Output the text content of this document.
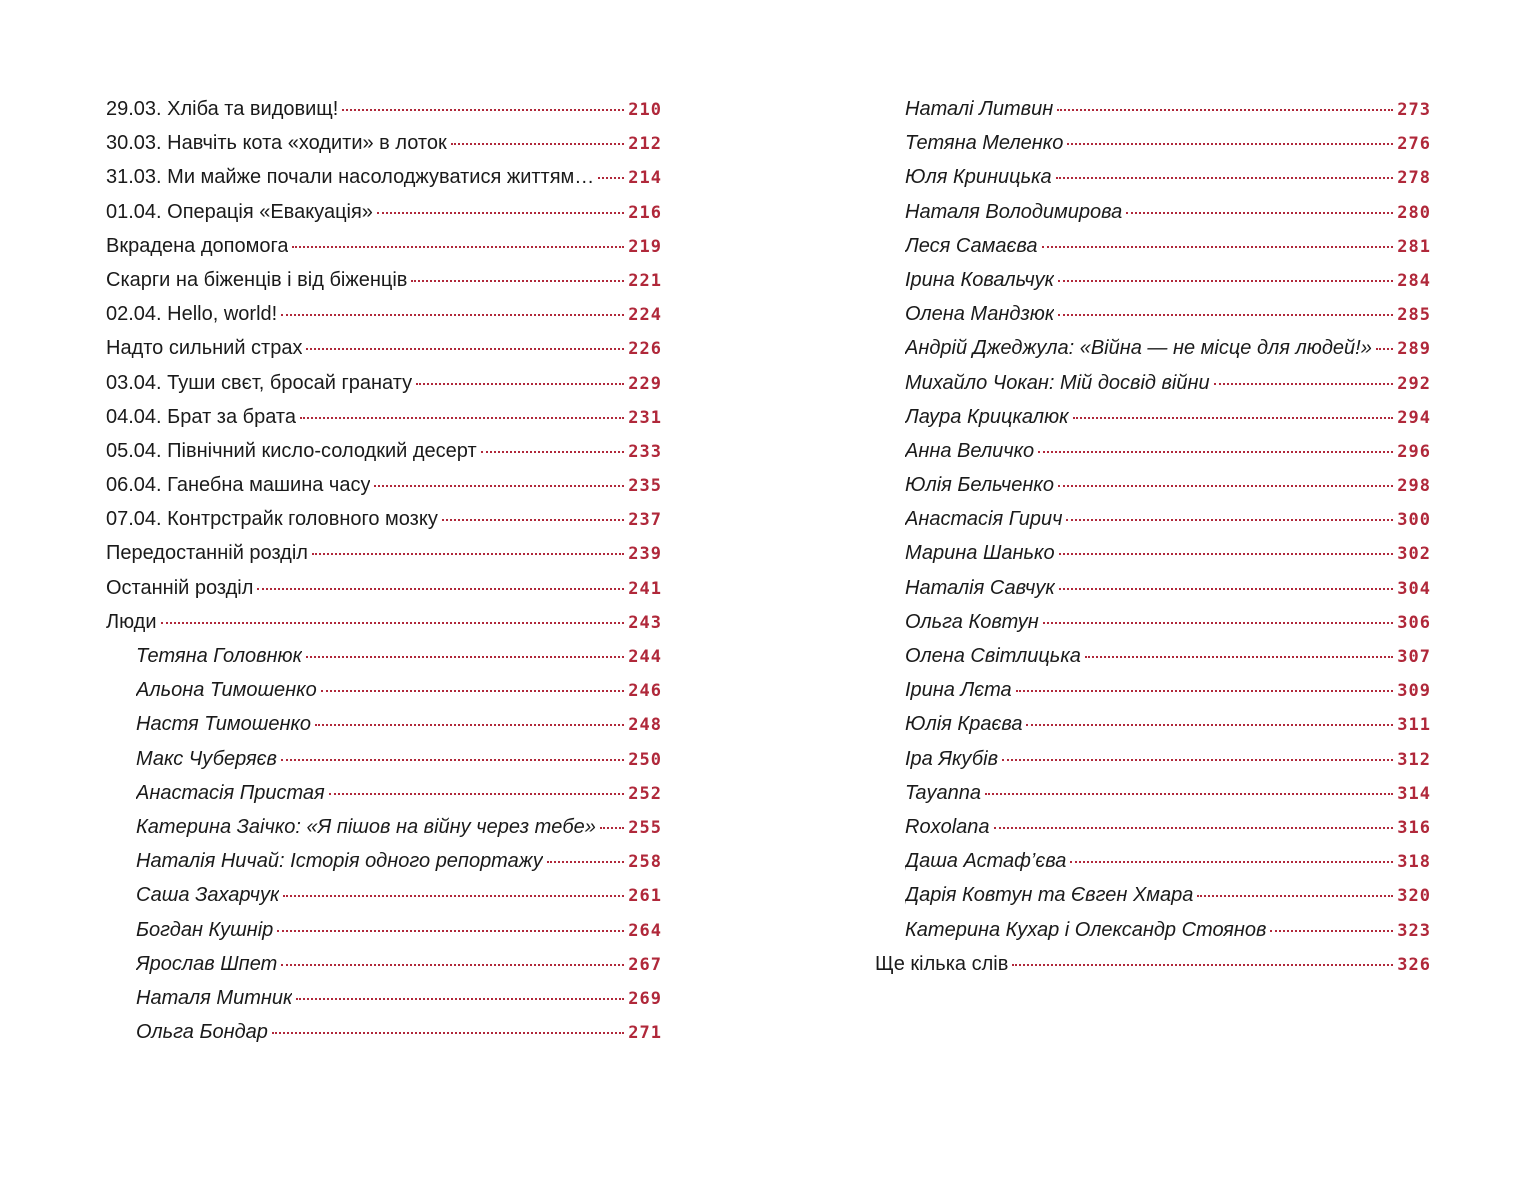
29.03. Хліба та видовищ!	210
30.03. Навчіть кота «ходити» в лоток	212
31.03. Ми майже почали насолоджуватися життям… 214
01.04. Операція «Евакуація»	216
Вкрадена допомога	219
Скарги на біженців і від біженців	221
02.04. Hello, world!	224
Надто сильний страх	226
03.04. Туши свєт, бросай гранату	229
04.04. Брат за брата	231
05.04. Північний кисло-солодкий десерт	233
06.04. Ганебна машина часу	235
07.04. Контрстрайк головного мозку	237
Передостанній розділ	239
Останній розділ	241
Люди	243
Тетяна Головнюк	244
Альона Тимошенко	246
Настя Тимошенко	248
Макс Чуберяєв	250
Анастасія Пристая	252
Катерина Заічко: «Я пішов на війну через тебе» 255
Наталія Ничай: Історія одного репортажу	258
Саша Захарчук	261
Богдан Кушнір	264
Ярослав Шпет	267
Наталя Митник	269
Ольга Бондар	271
Наталі Литвин	273
Тетяна Меленко	276
Юля Криницька	278
Наталя Володимирова	280
Леся Самаєва	281
Ірина Ковальчук	284
Олена Мандзюк	285
Андрій Джеджула: «Війна — не місце для людей!» 289
Михайло Чокан: Мій досвід війни	292
Лаура Крицкалюк	294
Анна Величко	296
Юлія Бельченко	298
Анастасія Гирич	300
Марина Шанько	302
Наталія Савчук	304
Ольга Ковтун	306
Олена Світлицька	307
Ірина Лєта	309
Юлія Краєва	311
Іра Якубів	312
Tayanna	314
Roxolana	316
Даша Астаф’єва	318
Дарія Ковтун та Євген Хмара	320
Катерина Кухар і Олександр Стоянов	323
Ще кілька слів	326
